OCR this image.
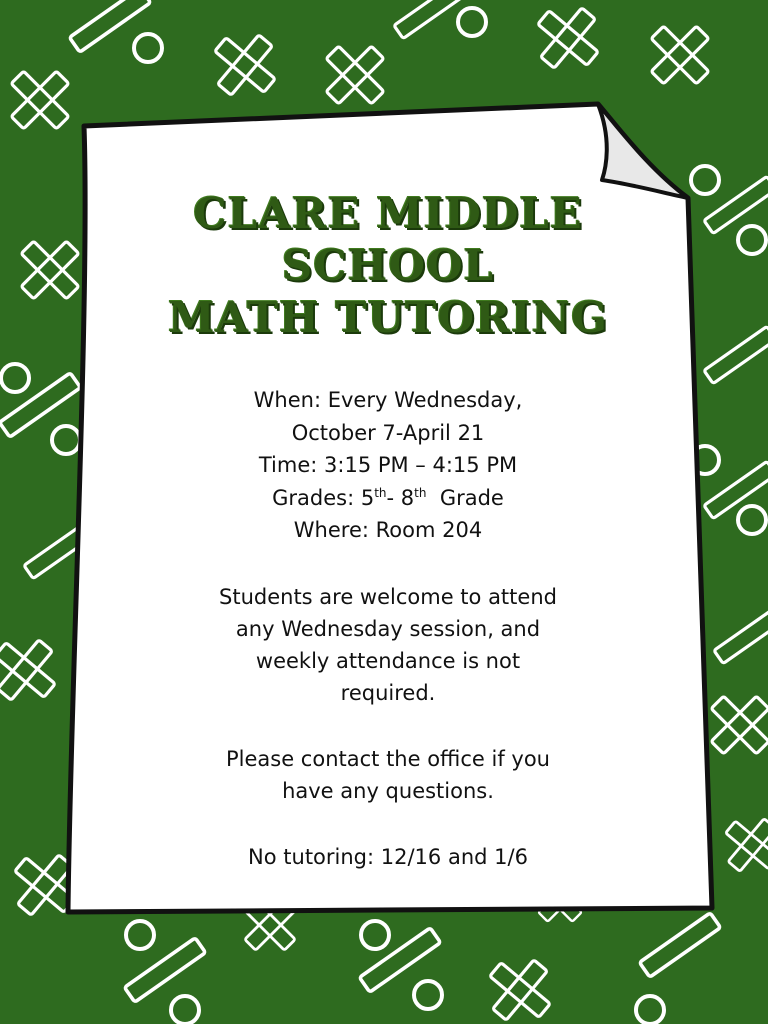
CLARE MIDDLE
SCHOOL
MATH TUTORING
When: Every Wednesday,
October 7-April 21
Time: 3:15 PM – 4:15 PM
Grades: 5th- 8th  Grade
Where: Room 204
Students are welcome to attend
any Wednesday session, and
weekly attendance is not
required.
Please contact the office if you
have any questions.
No tutoring: 12/16 and 1/6
